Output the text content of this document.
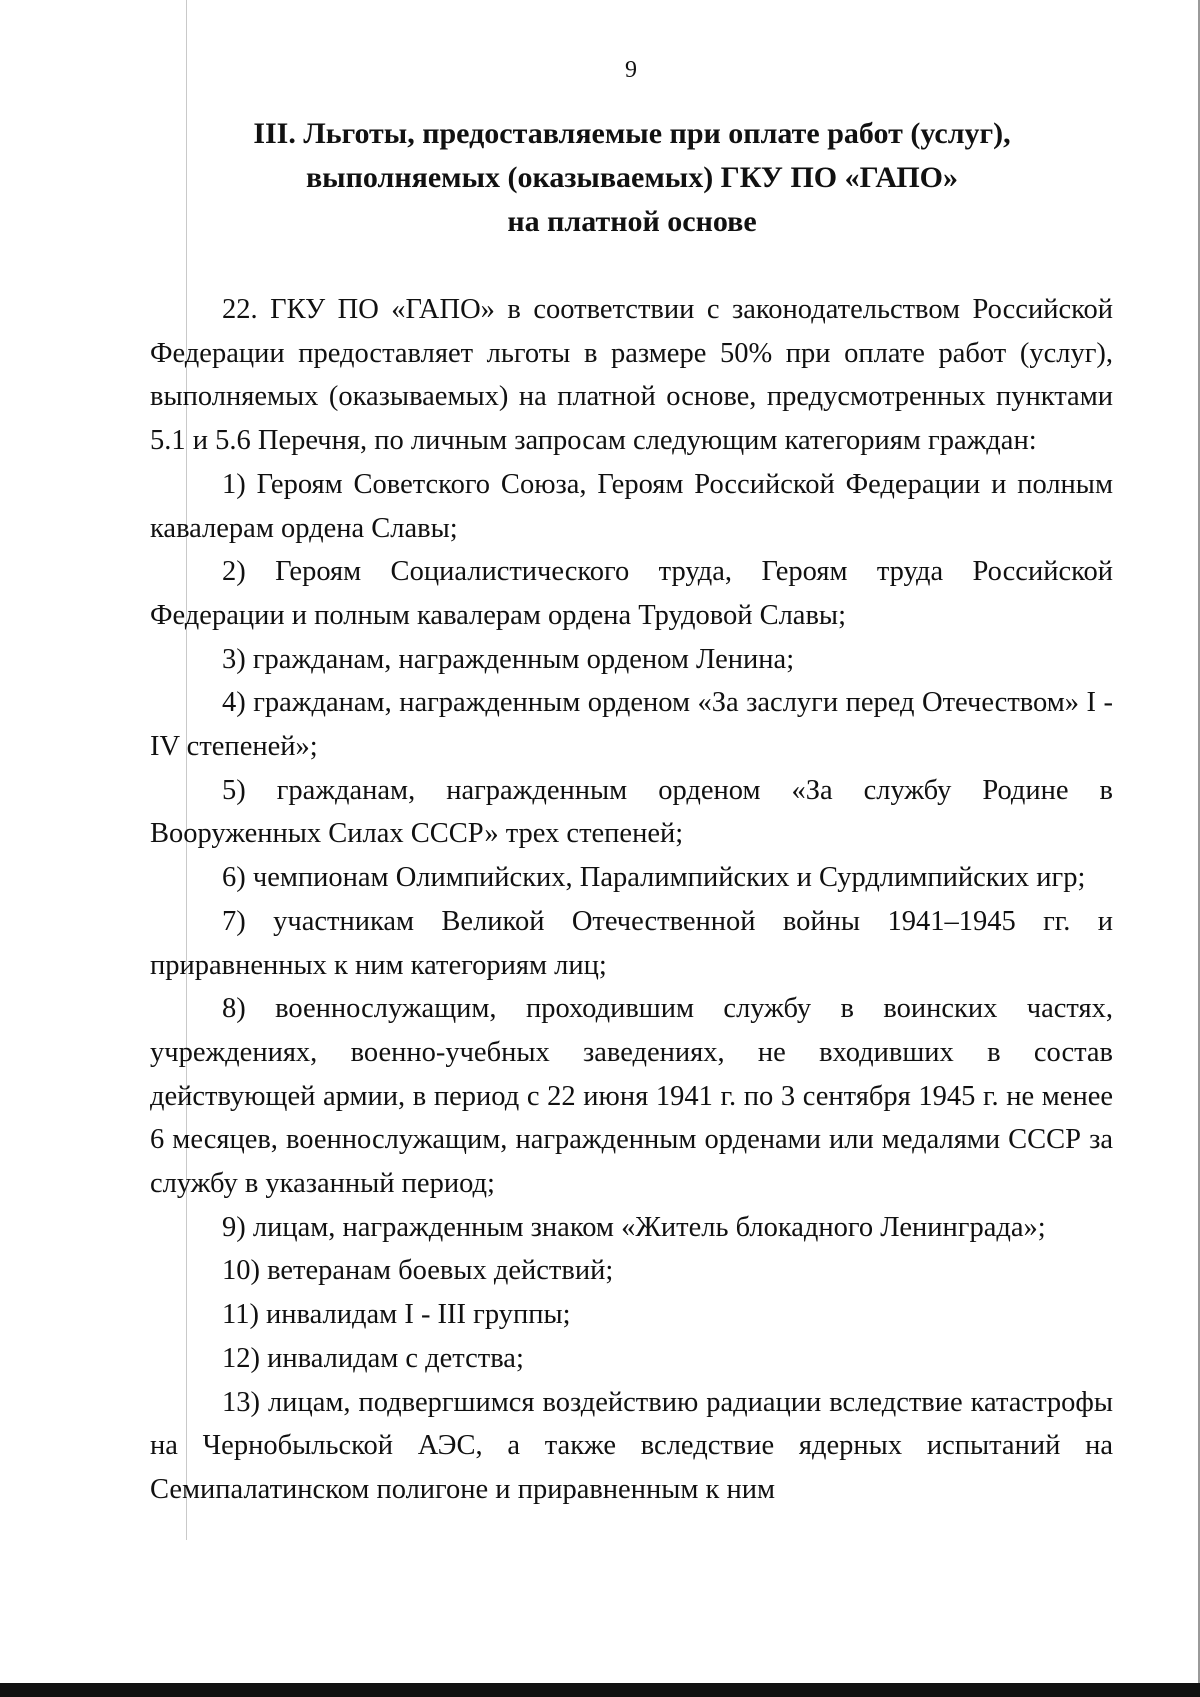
9
III. Льготы, предоставляемые при оплате работ (услуг),
выполняемых (оказываемых) ГКУ ПО «ГАПО»
на платной основе

22. ГКУ ПО «ГАПО» в соответствии с законодательством Российской Федерации предоставляет льготы в размере 50% при оплате работ (услуг), выполняемых (оказываемых) на платной основе, предусмотренных пунктами 5.1 и 5.6 Перечня, по личным запросам следующим категориям граждан:

1) Героям Советского Союза, Героям Российской Федерации и полным кавалерам ордена Славы;

2) Героям Социалистического труда, Героям труда Российской Федерации и полным кавалерам ордена Трудовой Славы;

3) гражданам, награжденным орденом Ленина;

4) гражданам, награжденным орденом «За заслуги перед Отечеством» I - IV степеней»;

5) гражданам, награжденным орденом «За службу Родине в Вооруженных Силах СССР» трех степеней;

6) чемпионам Олимпийских, Паралимпийских и Сурдлимпийских игр;

7) участникам Великой Отечественной войны 1941–1945 гг. и приравненных к ним категориям лиц;

8) военнослужащим, проходившим службу в воинских частях, учреждениях, военно-учебных заведениях, не входивших в состав действующей армии, в период с 22 июня 1941 г. по 3 сентября 1945 г. не менее 6 месяцев, военнослужащим, награжденным орденами или медалями СССР за службу в указанный период;

9) лицам, награжденным знаком «Житель блокадного Ленинграда»;

10) ветеранам боевых действий;

11) инвалидам I - III группы;

12) инвалидам с детства;

13) лицам, подвергшимся воздействию радиации вследствие катастрофы на Чернобыльской АЭС, а также вследствие ядерных испытаний на Семипалатинском полигоне и приравненным к ним
